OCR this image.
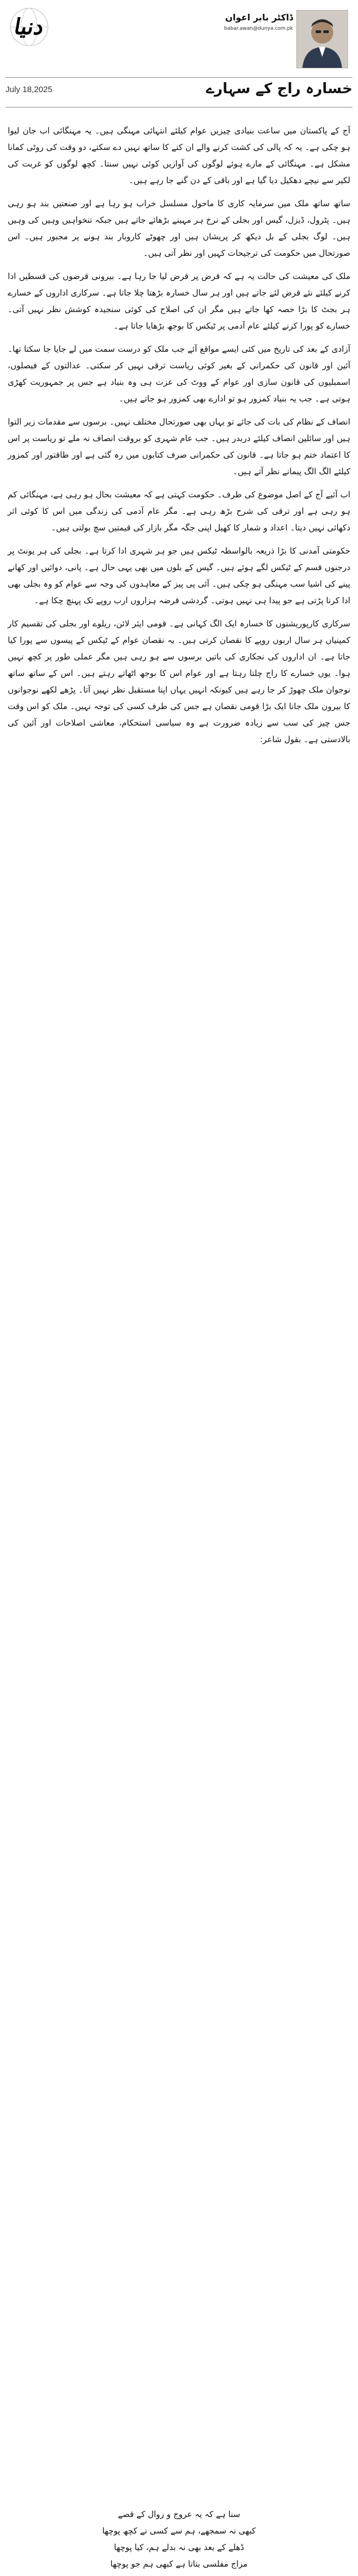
دنیا	ڈاکٹر بابر اعوان
babar.awan@dunya.com.pk
July 18,2025	خسارہ راج کے سہارے

آج کے پاکستان میں ساعت بنیادی چیزیں عوام کیلئے انتہائی مہنگی ہیں۔ یہ مہنگائی اب جان لیوا ہو چکی ہے۔ یہ کہ پالی کی کشت کرنے والے ان کتے کا ساتھ نہیں دے سکتے، دو وقت کی روٹی کمانا مشکل ہے۔ مہنگائی کے مارے ہوئے لوگوں کی آوازیں کوئی نہیں سنتا۔ کچھ لوگوں کو غربت کی لکیر سے نیچے دھکیل دیا گیا ہے اور باقی کے دن گنے جا رہے ہیں۔

ساتھ ساتھ ملک میں سرمایہ کاری کا ماحول مسلسل خراب ہو رہا ہے اور صنعتیں بند ہو رہی ہیں۔ پٹرول، ڈیزل، گیس اور بجلی کے نرخ ہر مہینے بڑھائے جاتے ہیں جبکہ تنخواہیں وہیں کی وہیں ہیں۔ لوگ بجلی کے بل دیکھ کر پریشان ہیں اور چھوٹے کاروبار بند ہونے پر مجبور ہیں۔ اس صورتحال میں حکومت کی ترجیحات کہیں اور نظر آتی ہیں۔

ملک کی معیشت کی حالت یہ ہے کہ قرض پر قرض لیا جا رہا ہے۔ بیرونی قرضوں کی قسطیں ادا کرنے کیلئے نئے قرض لئے جاتے ہیں اور ہر سال خسارہ بڑھتا چلا جاتا ہے۔ سرکاری اداروں کے خسارے ہر بجٹ کا بڑا حصہ کھا جاتے ہیں مگر ان کی اصلاح کی کوئی سنجیدہ کوشش نظر نہیں آتی۔ خسارے کو پورا کرنے کیلئے عام آدمی پر ٹیکس کا بوجھ بڑھایا جاتا ہے۔

آزادی کے بعد کی تاریخ میں کئی ایسے مواقع آئے جب ملک کو درست سمت میں لے جایا جا سکتا تھا۔ آئین اور قانون کی حکمرانی کے بغیر کوئی ریاست ترقی نہیں کر سکتی۔ عدالتوں کے فیصلوں، اسمبلیوں کی قانون سازی اور عوام کے ووٹ کی عزت ہی وہ بنیاد ہے جس پر جمہوریت کھڑی ہوتی ہے۔ جب یہ بنیاد کمزور ہو تو ادارے بھی کمزور ہو جاتے ہیں۔

انصاف کے نظام کی بات کی جائے تو یہاں بھی صورتحال مختلف نہیں۔ برسوں سے مقدمات زیر التوا ہیں اور سائلین انصاف کیلئے دربدر ہیں۔ جب عام شہری کو بروقت انصاف نہ ملے تو ریاست پر اس کا اعتماد ختم ہو جاتا ہے۔ قانون کی حکمرانی صرف کتابوں میں رہ گئی ہے اور طاقتور اور کمزور کیلئے الگ الگ پیمانے نظر آتے ہیں۔

اب آئیے آج کے اصل موضوع کی طرف۔ حکومت کہتی ہے کہ معیشت بحال ہو رہی ہے، مہنگائی کم ہو رہی ہے اور ترقی کی شرح بڑھ رہی ہے۔ مگر عام آدمی کی زندگی میں اس کا کوئی اثر دکھائی نہیں دیتا۔ اعداد و شمار کا کھیل اپنی جگہ مگر بازار کی قیمتیں سچ بولتی ہیں۔

حکومتی آمدنی کا بڑا ذریعہ بالواسطہ ٹیکس ہیں جو ہر شہری ادا کرتا ہے۔ بجلی کی ہر یونٹ پر درجنوں قسم کے ٹیکس لگے ہوئے ہیں۔ گیس کے بلوں میں بھی یہی حال ہے۔ پانی، دوائیں اور کھانے پینے کی اشیا سب مہنگی ہو چکی ہیں۔ آئی پی پیز کے معاہدوں کی وجہ سے عوام کو وہ بجلی بھی ادا کرنا پڑتی ہے جو پیدا ہی نہیں ہوتی۔ گردشی قرضہ ہزاروں ارب روپے تک پہنچ چکا ہے۔

سرکاری کارپوریشنوں کا خسارہ ایک الگ کہانی ہے۔ قومی ایئر لائن، ریلوے اور بجلی کی تقسیم کار کمپنیاں ہر سال اربوں روپے کا نقصان کرتی ہیں۔ یہ نقصان عوام کے ٹیکس کے پیسوں سے پورا کیا جاتا ہے۔ ان اداروں کی نجکاری کی باتیں برسوں سے ہو رہی ہیں مگر عملی طور پر کچھ نہیں ہوا۔ یوں خسارے کا راج چلتا رہتا ہے اور عوام اس کا بوجھ اٹھاتے رہتے ہیں۔ اس کے ساتھ ساتھ نوجوان ملک چھوڑ کر جا رہے ہیں کیونکہ انہیں یہاں اپنا مستقبل نظر نہیں آتا۔ پڑھے لکھے نوجوانوں کا بیرون ملک جانا ایک بڑا قومی نقصان ہے جس کی طرف کسی کی توجہ نہیں۔ ملک کو اس وقت جس چیز کی سب سے زیادہ ضرورت ہے وہ سیاسی استحکام، معاشی اصلاحات اور آئین کی بالادستی ہے۔ بقول شاعر:

سنا ہے کہ یہ عروج و زوال کے قصے
کبھی نہ سمجھے، ہم سے کسی نے کچھ پوچھا
ڈھلے کے بعد بھی نہ بدلے ہم، کیا پوچھا
مزاج مفلسی بتاتا ہے کبھی ہم جو پوچھا
